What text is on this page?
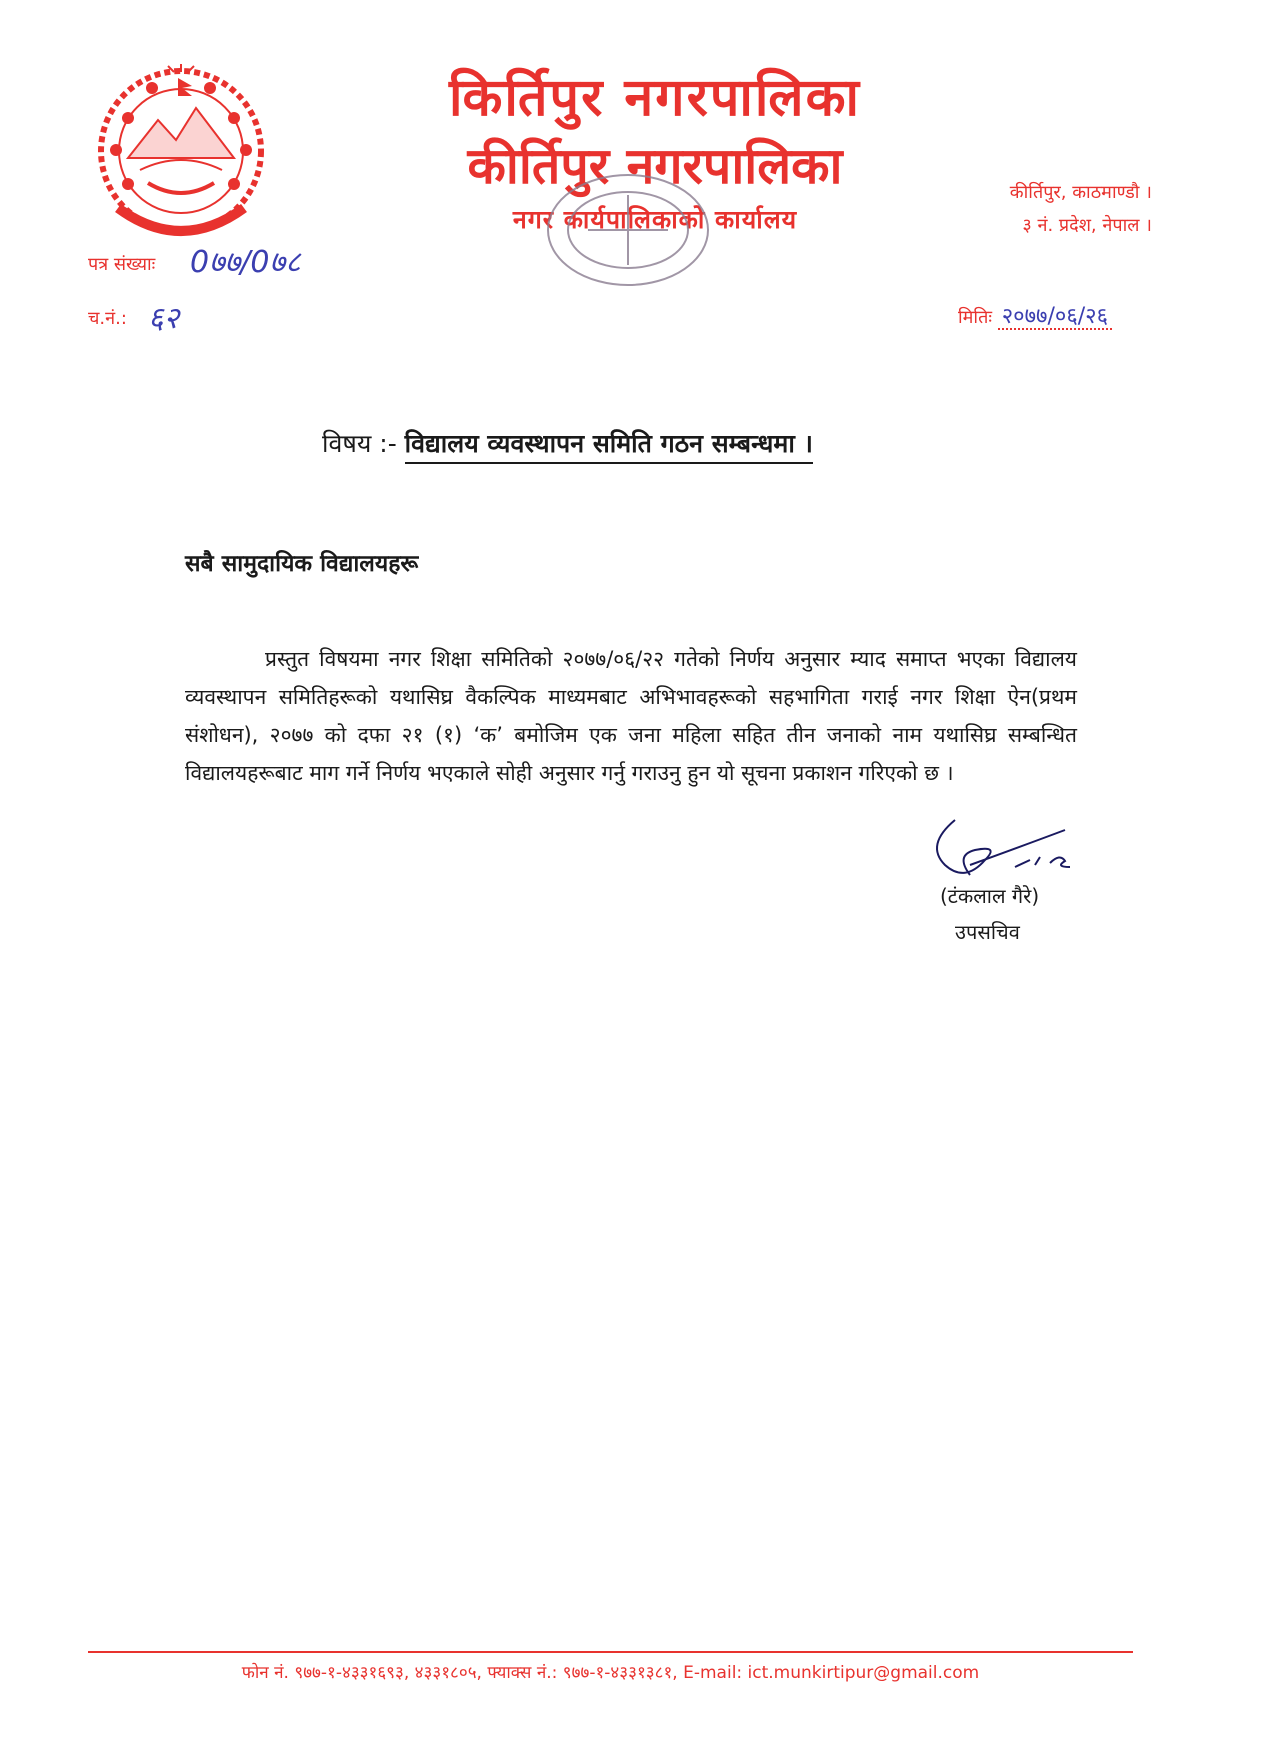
किर्तिपुर नगरपालिका
कीर्तिपुर नगरपालिका
नगर कार्यपालिकाको कार्यालय
कीर्तिपुर, काठमाण्डौ ।
३ नं. प्रदेश, नेपाल ।
पत्र संख्याः 0७७/0७८
च.नं.: ६२	मितिः २०७७/०६/२६
विषय :- विद्यालय व्यवस्थापन समिति गठन सम्बन्धमा ।
सबै सामुदायिक विद्यालयहरू
प्रस्तुत विषयमा नगर शिक्षा समितिको २०७७/०६/२२ गतेको निर्णय अनुसार म्याद समाप्त भएका विद्यालय व्यवस्थापन समितिहरूको यथासिघ्र वैकल्पिक माध्यमबाट अभिभावहरूको सहभागिता गराई नगर शिक्षा ऐन(प्रथम संशोधन), २०७७ को दफा २१ (१) ‘क’ बमोजिम एक जना महिला सहित तीन जनाको नाम यथासिघ्र सम्बन्धित विद्यालयहरूबाट माग गर्ने निर्णय भएकाले सोही अनुसार गर्नु गराउनु हुन यो सूचना प्रकाशन गरिएको छ ।
(टंकलाल गैरे)
उपसचिव
फोन नं. ९७७-१-४३३१६९३, ४३३१८०५, फ्याक्स नं.: ९७७-१-४३३१३८१, E-mail: ict.munkirtipur@gmail.com
